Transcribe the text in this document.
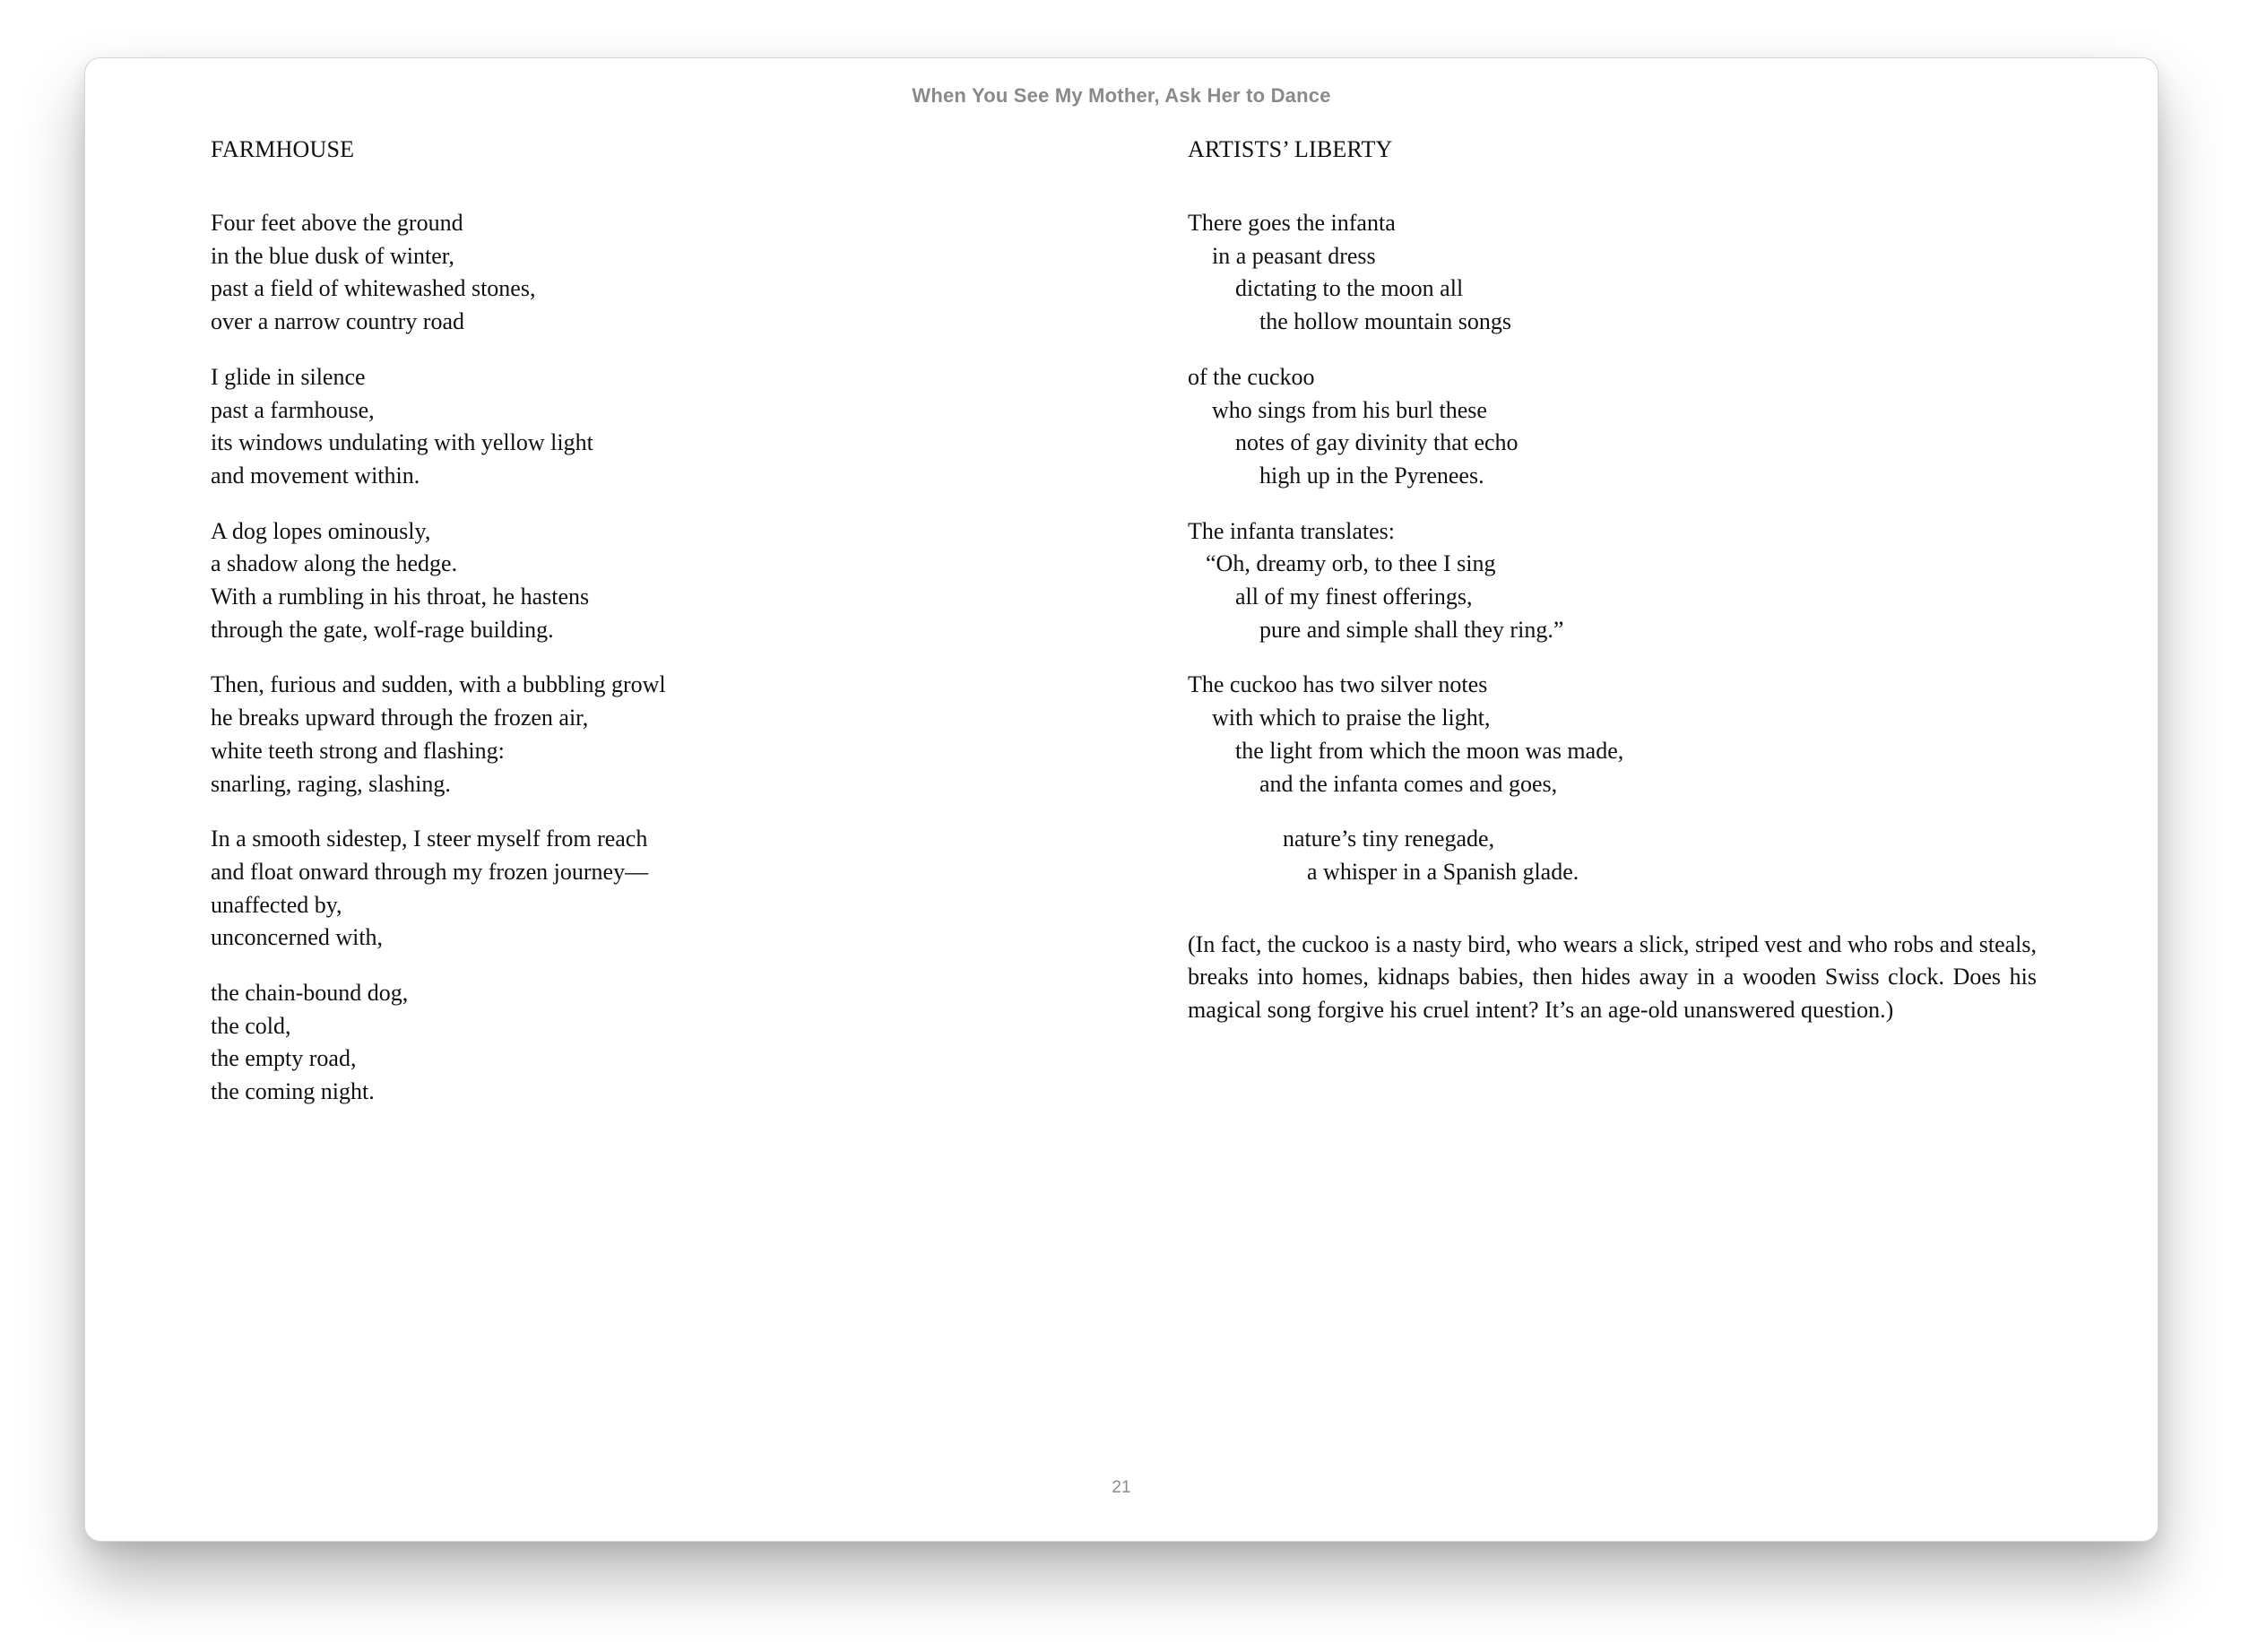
When You See My Mother, Ask Her to Dance
FARMHOUSE
Four feet above the ground
in the blue dusk of winter,
past a field of whitewashed stones,
over a narrow country road
I glide in silence
past a farmhouse,
its windows undulating with yellow light
and movement within.
A dog lopes ominously,
a shadow along the hedge.
With a rumbling in his throat, he hastens
through the gate, wolf-rage building.
Then, furious and sudden, with a bubbling growl
he breaks upward through the frozen air,
white teeth strong and flashing:
snarling, raging, slashing.
In a smooth sidestep, I steer myself from reach
and float onward through my frozen journey—
unaffected by,
unconcerned with,
the chain-bound dog,
the cold,
the empty road,
the coming night.
ARTISTS’ LIBERTY
There goes the infanta
in a peasant dress
dictating to the moon all
the hollow mountain songs
of the cuckoo
who sings from his burl these
notes of gay divinity that echo
high up in the Pyrenees.
The infanta translates:
“Oh, dreamy orb, to thee I sing
all of my finest offerings,
pure and simple shall they ring.”
The cuckoo has two silver notes
with which to praise the light,
the light from which the moon was made,
and the infanta comes and goes,
nature’s tiny renegade,
a whisper in a Spanish glade.
(In fact, the cuckoo is a nasty bird, who wears a slick, striped vest and who robs and steals, breaks into homes, kidnaps babies, then hides away in a wooden Swiss clock. Does his magical song forgive his cruel intent? It’s an age-old unanswered question.)
21
